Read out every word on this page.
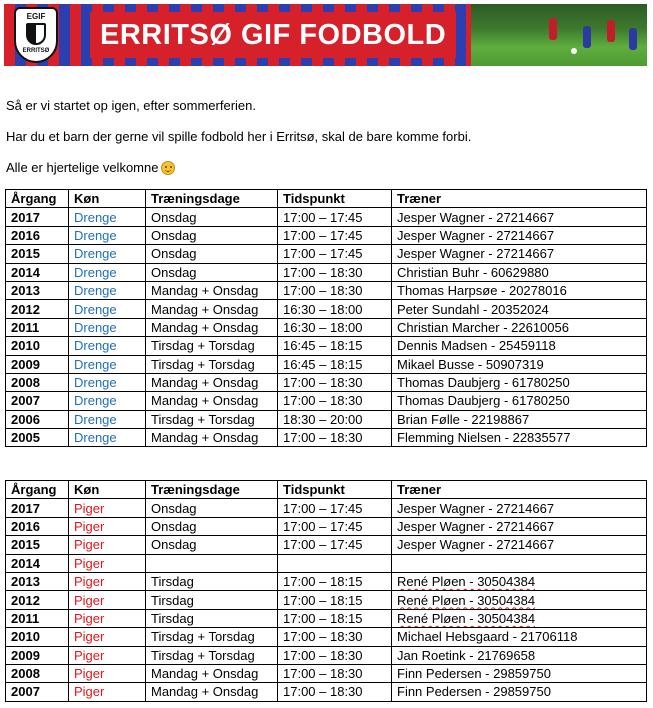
EGIF
ERRITSØ	ERRITSØ GIF FODBOLD
Så er vi startet op igen, efter sommerferien.
Har du et barn der gerne vil spille fodbold her i Erritsø, skal de bare komme forbi.
Alle er hjertelige velkomne
Årgang	Køn	Træningsdage	Tidspunkt	Træner
2017	Drenge	Onsdag	17:00 – 17:45	Jesper Wagner - 27214667
2016	Drenge	Onsdag	17:00 – 17:45	Jesper Wagner - 27214667
2015	Drenge	Onsdag	17:00 – 17:45	Jesper Wagner - 27214667
2014	Drenge	Onsdag	17:00 – 18:30	Christian Buhr - 60629880
2013	Drenge	Mandag + Onsdag	17:00 – 18:30	Thomas Harpsøe - 20278016
2012	Drenge	Mandag + Onsdag	16:30 – 18:00	Peter Sundahl - 20352024
2011	Drenge	Mandag + Onsdag	16:30 – 18:00	Christian Marcher - 22610056
2010	Drenge	Tirsdag + Torsdag	16:45 – 18:15	Dennis Madsen - 25459118
2009	Drenge	Tirsdag + Torsdag	16:45 – 18:15	Mikael Busse - 50907319
2008	Drenge	Mandag + Onsdag	17:00 – 18:30	Thomas Daubjerg - 61780250
2007	Drenge	Mandag + Onsdag	17:00 – 18:30	Thomas Daubjerg - 61780250
2006	Drenge	Tirsdag + Torsdag	18:30 – 20:00	Brian Følle - 22198867
2005	Drenge	Mandag + Onsdag	17:00 – 18:30	Flemming Nielsen - 22835577
Årgang	Køn	Træningsdage	Tidspunkt	Træner
2017	Piger	Onsdag	17:00 – 17:45	Jesper Wagner - 27214667
2016	Piger	Onsdag	17:00 – 17:45	Jesper Wagner - 27214667
2015	Piger	Onsdag	17:00 – 17:45	Jesper Wagner - 27214667
2014	Piger			
2013	Piger	Tirsdag	17:00 – 18:15	René Pløen - 30504384
2012	Piger	Tirsdag	17:00 – 18:15	René Pløen - 30504384
2011	Piger	Tirsdag	17:00 – 18:15	René Pløen - 30504384
2010	Piger	Tirsdag + Torsdag	17:00 – 18:30	Michael Hebsgaard - 21706118
2009	Piger	Tirsdag + Torsdag	17:00 – 18:30	Jan Roetink - 21769658
2008	Piger	Mandag + Onsdag	17:00 – 18:30	Finn Pedersen - 29859750
2007	Piger	Mandag + Onsdag	17:00 – 18:30	Finn Pedersen - 29859750
